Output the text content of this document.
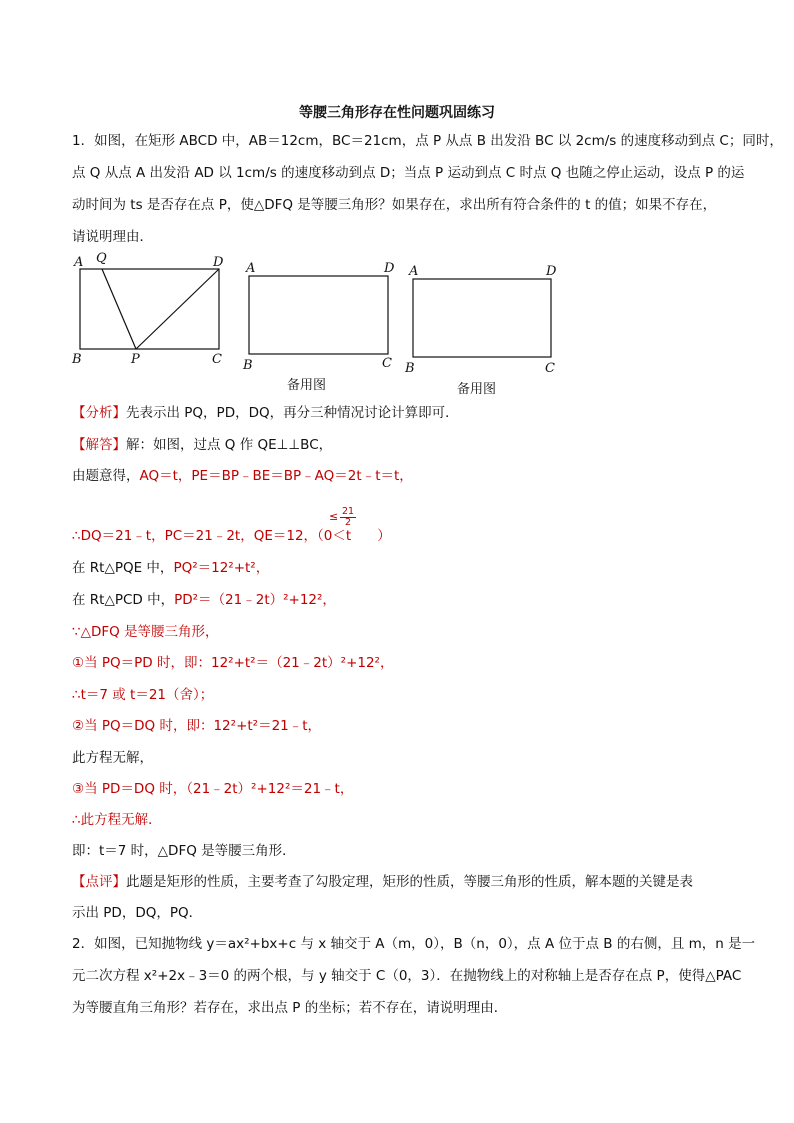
等腰三角形存在性问题巩固练习
1．如图，在矩形 ABCD 中，AB＝12cm，BC＝21cm，点 P 从点 B 出发沿 BC 以 2cm/s 的速度移动到点 C；同时，
点 Q 从点 A 出发沿 AD 以 1cm/s 的速度移动到点 D；当点 P 运动到点 C 时点 Q 也随之停止运动，设点 P 的运
动时间为 ts 是否存在点 P，使△DFQ 是等腰三角形？如果存在，求出所有符合条件的 t 的值；如果不存在，
请说明理由．
A Q	D
B	P	C
A	D
B	C
备用图
A	D
B	C
备用图
【分析】先表示出 PQ，PD，DQ，再分三种情况讨论计算即可．
【解答】解：如图，过点 Q 作 QE⊥⊥BC，
由题意得，AQ＝t，PE＝BP﹣BE＝BP﹣AQ＝2t﹣t＝t，
∴DQ＝21﹣t，PC＝21﹣2t，QE＝12，（0＜t ）
≤ $\frac{21}{2}$
在 Rt△PQE 中，PQ²＝12²+t²，
在 Rt△PCD 中，PD²＝（21﹣2t）²+12²，
∵△DFQ 是等腰三角形，
①当 PQ＝PD 时，即：12²+t²＝（21﹣2t）²+12²，
∴t＝7 或 t＝21（舍）；
②当 PQ＝DQ 时，即：12²+t²＝21﹣t，
此方程无解，
③当 PD＝DQ 时，（21﹣2t）²+12²＝21﹣t，
∴此方程无解．
即：t＝7 时，△DFQ 是等腰三角形．
【点评】此题是矩形的性质，主要考查了勾股定理，矩形的性质，等腰三角形的性质，解本题的关键是表
示出 PD，DQ，PQ．
2．如图，已知抛物线 y＝ax²+bx+c 与 x 轴交于 A（m，0），B（n，0），点 A 位于点 B 的右侧，且 m，n 是一
元二次方程 x²+2x﹣3＝0 的两个根，与 y 轴交于 C（0，3）．在抛物线上的对称轴上是否存在点 P，使得△PAC
为等腰直角三角形？若存在，求出点 P 的坐标；若不存在，请说明理由．
